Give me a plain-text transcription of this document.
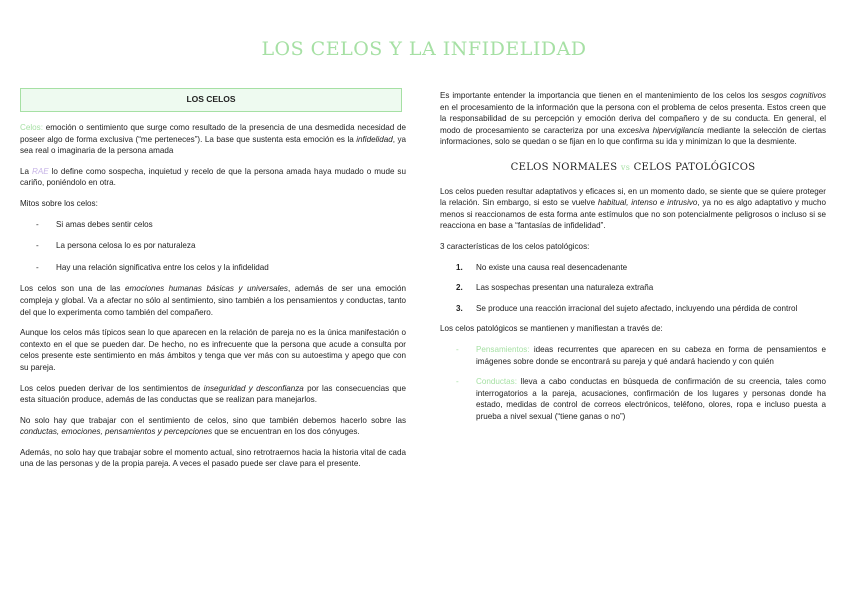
LOS CELOS Y LA INFIDELIDAD
LOS CELOS

Celos: emoción o sentimiento que surge como resultado de la presencia de una desmedida necesidad de poseer algo de forma exclusiva (“me perteneces”). La base que sustenta esta emoción es la infidelidad, ya sea real o imaginaria de la persona amada

La RAE lo define como sospecha, inquietud y recelo de que la persona amada haya mudado o mude su cariño, poniéndolo en otra.

Mitos sobre los celos:

- Si amas debes sentir celos
- La persona celosa lo es por naturaleza
- Hay una relación significativa entre los celos y la infidelidad

Los celos son una de las emociones humanas básicas y universales, además de ser una emoción compleja y global. Va a afectar no sólo al sentimiento, sino también a los pensamientos y conductas, tanto del que lo experimenta como también del compañero.

Aunque los celos más típicos sean lo que aparecen en la relación de pareja no es la única manifestación o contexto en el que se pueden dar. De hecho, no es infrecuente que la persona que acude a consulta por celos presente este sentimiento en más ámbitos y tenga que ver más con su autoestima y apego que con su pareja.

Los celos pueden derivar de los sentimientos de inseguridad y desconfianza por las consecuencias que esta situación produce, además de las conductas que se realizan para manejarlos.

No solo hay que trabajar con el sentimiento de celos, sino que también debemos hacerlo sobre las conductas, emociones, pensamientos y percepciones que se encuentran en los dos cónyuges.

Además, no solo hay que trabajar sobre el momento actual, sino retrotraernos hacia la historia vital de cada una de las personas y de la propia pareja. A veces el pasado puede ser clave para el presente.

Es importante entender la importancia que tienen en el mantenimiento de los celos los sesgos cognitivos en el procesamiento de la información que la persona con el problema de celos presenta. Estos creen que la responsabilidad de su percepción y emoción deriva del compañero y de su conducta. En general, el modo de procesamiento se caracteriza por una excesiva hipervigilancia mediante la selección de ciertas informaciones, solo se quedan o se fijan en lo que confirma su ida y minimizan lo que la desmiente.

CELOS NORMALES vs CELOS PATOLÓGICOS

Los celos pueden resultar adaptativos y eficaces si, en un momento dado, se siente que se quiere proteger la relación. Sin embargo, si esto se vuelve habitual, intenso e intrusivo, ya no es algo adaptativo y mucho menos si reaccionamos de esta forma ante estímulos que no son potencialmente peligrosos o incluso si se reacciona en base a “fantasías de infidelidad”.

3 características de los celos patológicos:

1. No existe una causa real desencadenante
2. Las sospechas presentan una naturaleza extraña
3. Se produce una reacción irracional del sujeto afectado, incluyendo una pérdida de control

Los celos patológicos se mantienen y manifiestan a través de:

- Pensamientos: ideas recurrentes que aparecen en su cabeza en forma de pensamientos e imágenes sobre donde se encontrará su pareja y qué andará haciendo y con quién
- Conductas: lleva a cabo conductas en búsqueda de confirmación de su creencia, tales como interrogatorios a la pareja, acusaciones, confirmación de los lugares y personas donde ha estado, medidas de control de correos electrónicos, teléfono, olores, ropa e incluso puesta a prueba a nivel sexual (“tiene ganas o no”)
